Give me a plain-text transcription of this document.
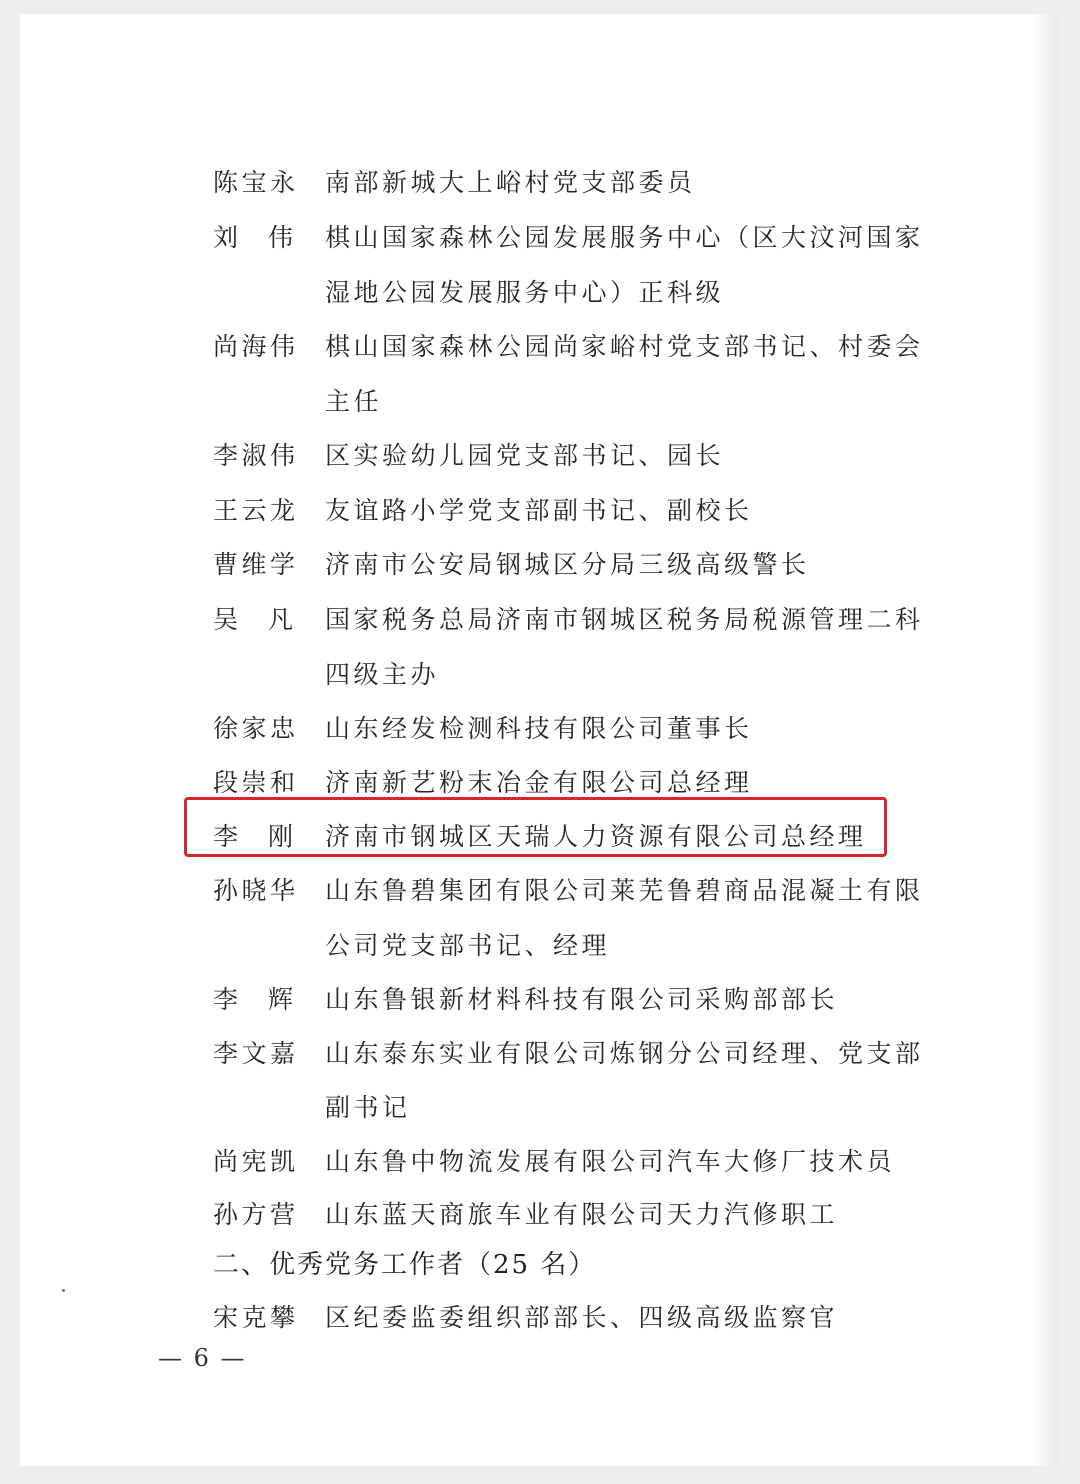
陈宝永	南部新城大上峪村党支部委员
刘伟 棋山国家森林公园发展服务中心（区大汶河国家
湿地公园发展服务中心）正科级
尚海伟	棋山国家森林公园尚家峪村党支部书记、村委会
主任
李淑伟	区实验幼儿园党支部书记、园长
王云龙	友谊路小学党支部副书记、副校长
曹维学	济南市公安局钢城区分局三级高级警长
吴凡 国家税务总局济南市钢城区税务局税源管理二科
四级主办
徐家忠	山东经发检测科技有限公司董事长
段崇和	济南新艺粉末冶金有限公司总经理
李刚 济南市钢城区天瑞人力资源有限公司总经理
孙晓华	山东鲁碧集团有限公司莱芜鲁碧商品混凝土有限
公司党支部书记、经理
李辉 山东鲁银新材料科技有限公司采购部部长
李文嘉	山东泰东实业有限公司炼钢分公司经理、党支部
副书记
尚宪凯	山东鲁中物流发展有限公司汽车大修厂技术员
孙方营	山东蓝天商旅车业有限公司天力汽修职工
二、优秀党务工作者（25 名）
宋克攀	区纪委监委组织部部长、四级高级监察官
— 6 —
